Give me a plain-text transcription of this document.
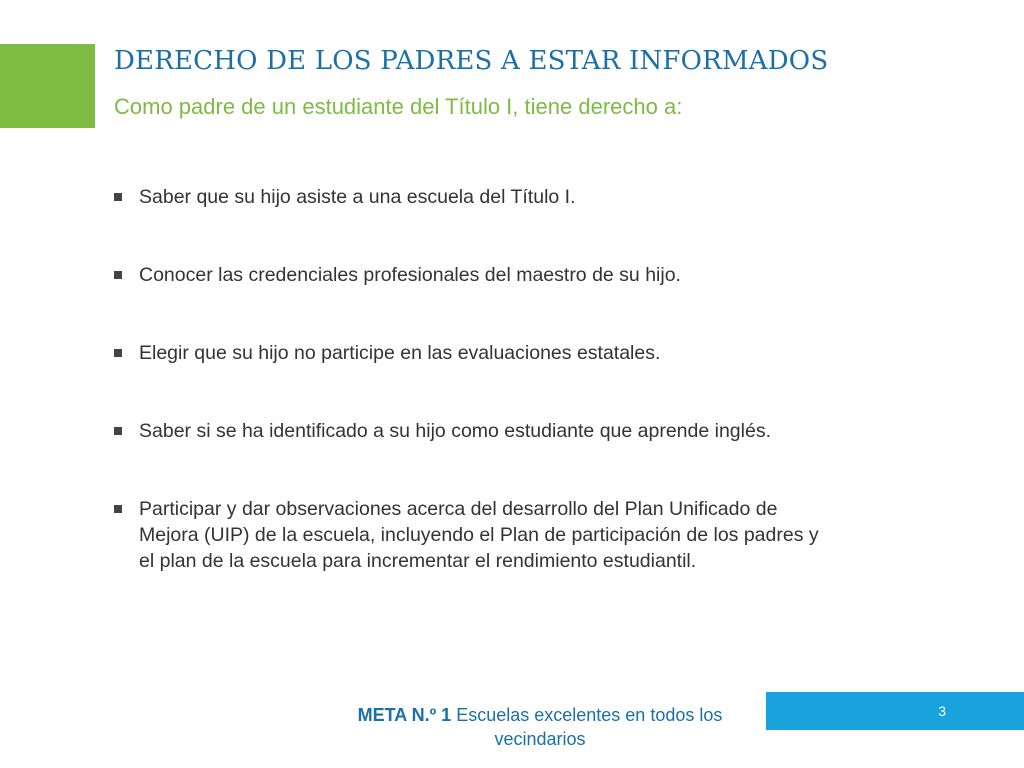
DERECHO DE LOS PADRES A ESTAR INFORMADOS
Como padre de un estudiante del Título I, tiene derecho a:
Saber que su hijo asiste a una escuela del Título I.
Conocer las credenciales profesionales del maestro de su hijo.
Elegir que su hijo no participe en las evaluaciones estatales.
Saber si se ha identificado a su hijo como estudiante que aprende inglés.
Participar y dar observaciones acerca del desarrollo del Plan Unificado de Mejora (UIP) de la escuela, incluyendo el Plan de participación de los padres y el plan de la escuela para incrementar el rendimiento estudiantil.
META N.º 1 Escuelas excelentes en todos los vecindarios
3
